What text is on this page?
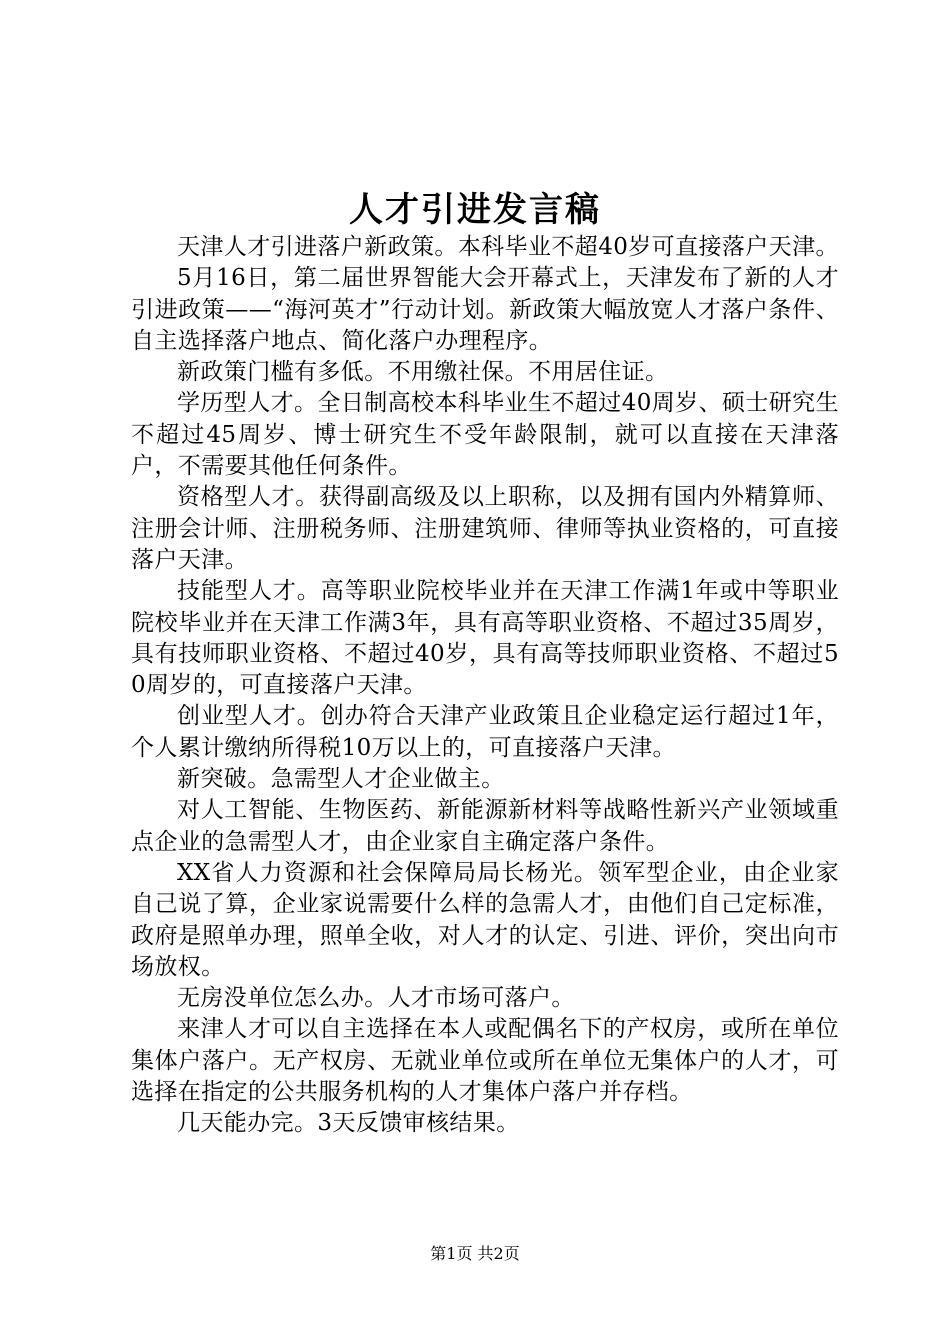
人才引进发言稿

天津人才引进落户新政策。本科毕业不超40岁可直接落户天津。

5月16日，第二届世界智能大会开幕式上，天津发布了新的人才引进政策——“海河英才”行动计划。新政策大幅放宽人才落户条件、自主选择落户地点、简化落户办理程序。

新政策门槛有多低。不用缴社保。不用居住证。

学历型人才。全日制高校本科毕业生不超过40周岁、硕士研究生不超过45周岁、博士研究生不受年龄限制，就可以直接在天津落户，不需要其他任何条件。

资格型人才。获得副高级及以上职称，以及拥有国内外精算师、注册会计师、注册税务师、注册建筑师、律师等执业资格的，可直接落户天津。

技能型人才。高等职业院校毕业并在天津工作满1年或中等职业院校毕业并在天津工作满3年，具有高等职业资格、不超过35周岁，具有技师职业资格、不超过40岁，具有高等技师职业资格、不超过50周岁的，可直接落户天津。

创业型人才。创办符合天津产业政策且企业稳定运行超过1年，个人累计缴纳所得税10万以上的，可直接落户天津。

新突破。急需型人才企业做主。

对人工智能、生物医药、新能源新材料等战略性新兴产业领域重点企业的急需型人才，由企业家自主确定落户条件。

XX省人力资源和社会保障局局长杨光。领军型企业，由企业家自己说了算，企业家说需要什么样的急需人才，由他们自己定标准，政府是照单办理，照单全收，对人才的认定、引进、评价，突出向市场放权。

无房没单位怎么办。人才市场可落户。

来津人才可以自主选择在本人或配偶名下的产权房，或所在单位集体户落户。无产权房、无就业单位或所在单位无集体户的人才，可选择在指定的公共服务机构的人才集体户落户并存档。

几天能办完。3天反馈审核结果。

第1页 共2页
